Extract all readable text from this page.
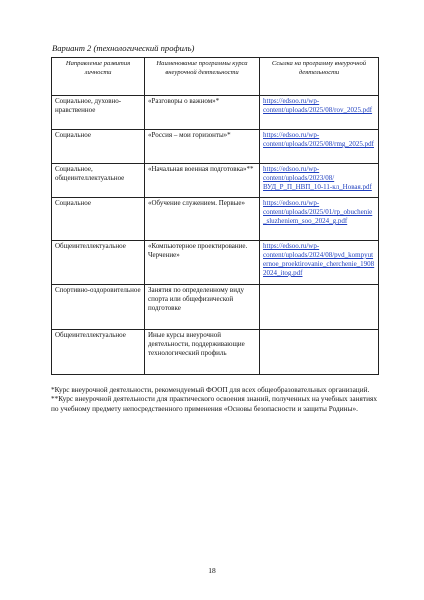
Вариант 2 (технологический профиль)
Направление развития личности	Наименование программы курса внеурочной деятельности	Ссылка на программу внеурочной деятельности
Социальное, духовно-нравственное	«Разговоры о важном»*	https://edsoo.ru/wp-content/uploads/2025/08/rov_2025.pdf
Социальное	«Россия – мои горизонты»*	https://edsoo.ru/wp-content/uploads/2025/08/rmg_2025.pdf
Социальное, общеинтеллектуальное	«Начальная военная подготовка»**	https://edsoo.ru/wp-content/uploads/2023/08/ВУД_Р_П_НВП_10-11-кл_Новая.pdf
Социальное	«Обучение служением. Первые»	https://edsoo.ru/wp-content/uploads/2025/01/rp_obuchenie_sluzheniem_soo_2024_g.pdf
Общеинтеллектуальное	«Компьютерное проектирование. Черчение»	https://edsoo.ru/wp-content/uploads/2024/08/pvd_kompyuternoe_proektirovanie_cherchenie_19082024_itog.pdf
Спортивно-оздоровительное	Занятия по определенному виду спорта или общефизической подготовке	
Общеинтеллектуальное	Иные курсы внеурочной деятельности, поддерживающие технологический профиль	

*Курс внеурочной деятельности, рекомендуемый ФООП для всех общеобразовательных организаций.

**Курс внеурочной деятельности для практического освоения знаний, полученных на учебных занятиях по учебному предмету непосредственного применения «Основы безопасности и защиты Родины».

18
